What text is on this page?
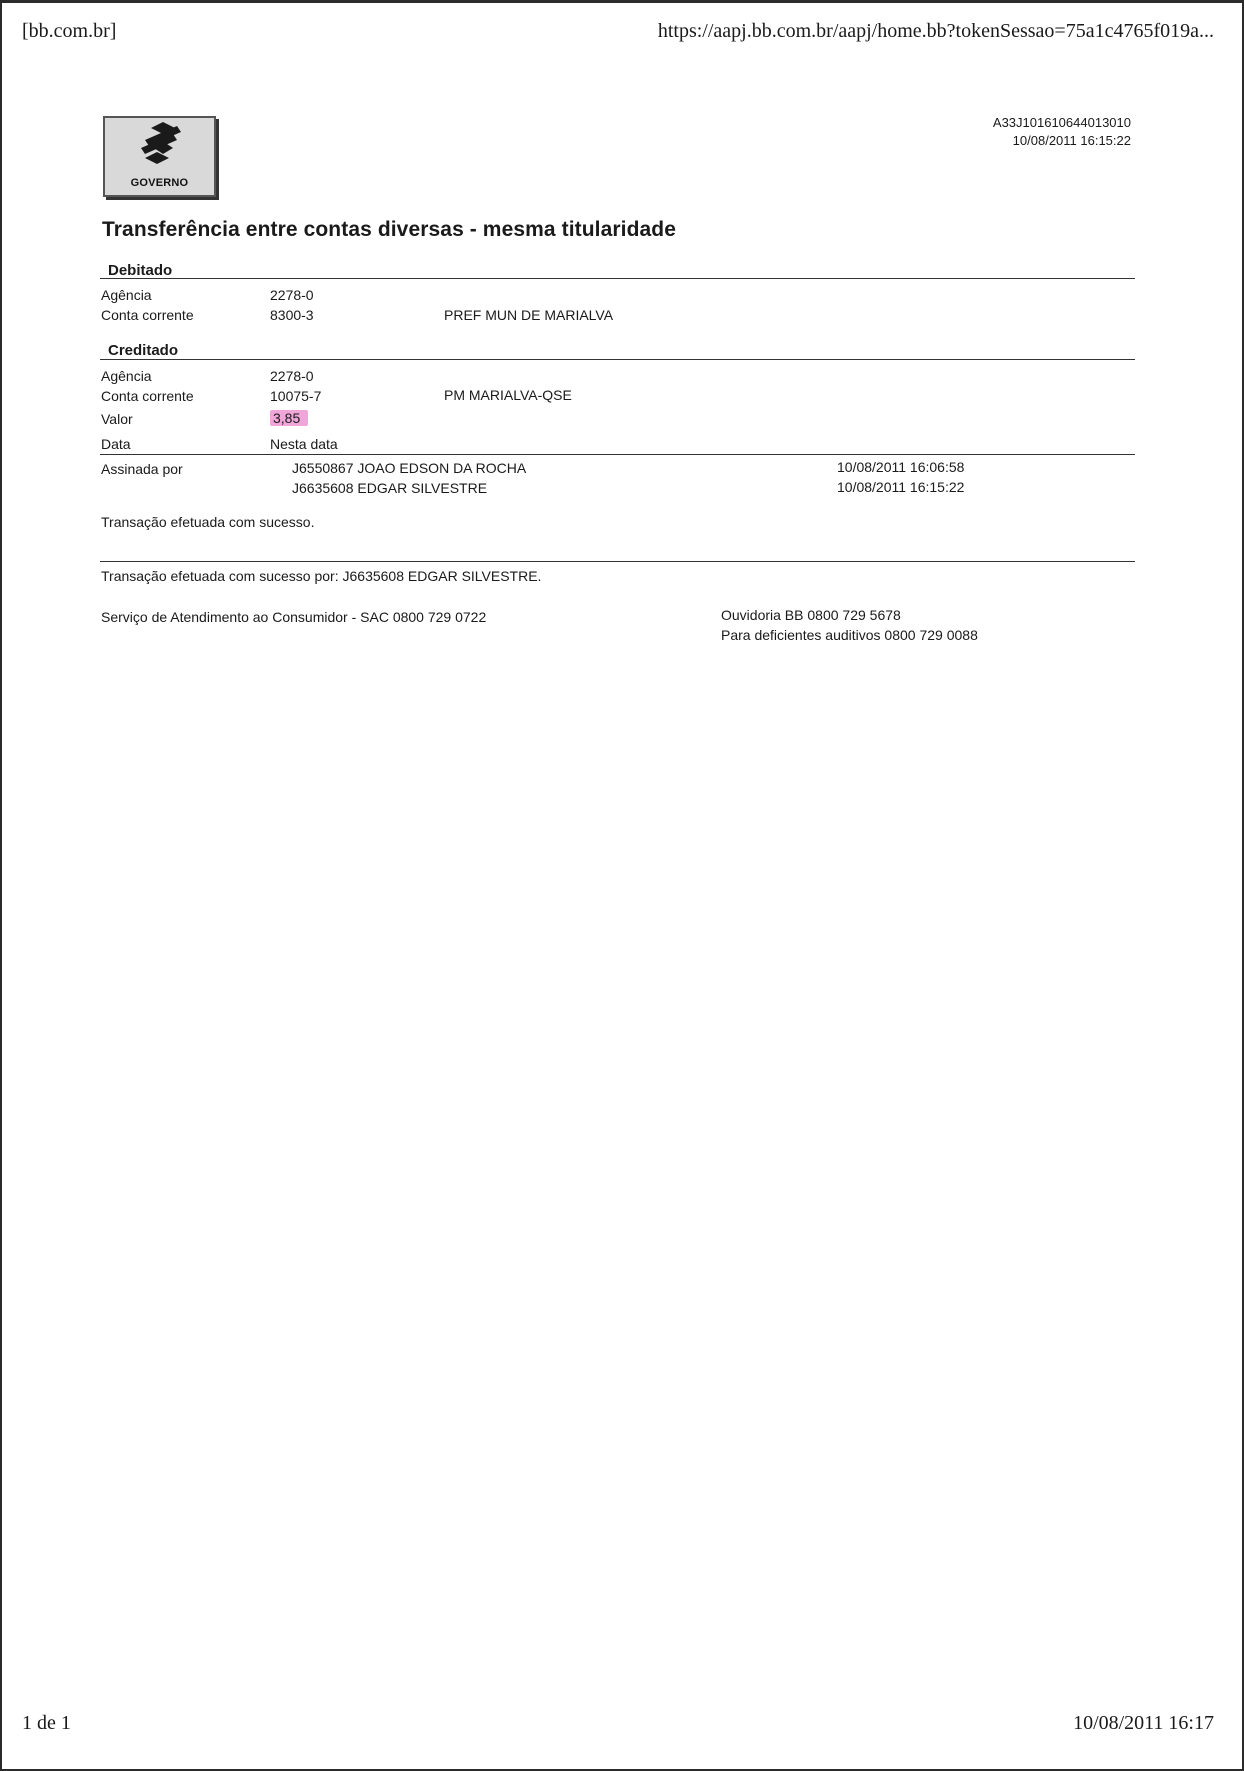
[bb.com.br]	https://aapj.bb.com.br/aapj/home.bb?tokenSessao=75a1c4765f019a...
GOVERNO
A33J101610644013010
10/08/2011 16:15:22
Transferência entre contas diversas - mesma titularidade
Debitado
Agência	2278-0
Conta corrente	8300-3	PREF MUN DE MARIALVA
Creditado
Agência	2278-0
Conta corrente	10075-7	PM MARIALVA-QSE
Valor	3,85
Data	Nesta data
Assinada por	J6550867 JOAO EDSON DA ROCHA	10/08/2011 16:06:58
J6635608 EDGAR SILVESTRE	10/08/2011 16:15:22
Transação efetuada com sucesso.
Transação efetuada com sucesso por: J6635608 EDGAR SILVESTRE.
Serviço de Atendimento ao Consumidor - SAC 0800 729 0722	Ouvidoria BB 0800 729 5678
Para deficientes auditivos 0800 729 0088
1 de 1	10/08/2011 16:17
